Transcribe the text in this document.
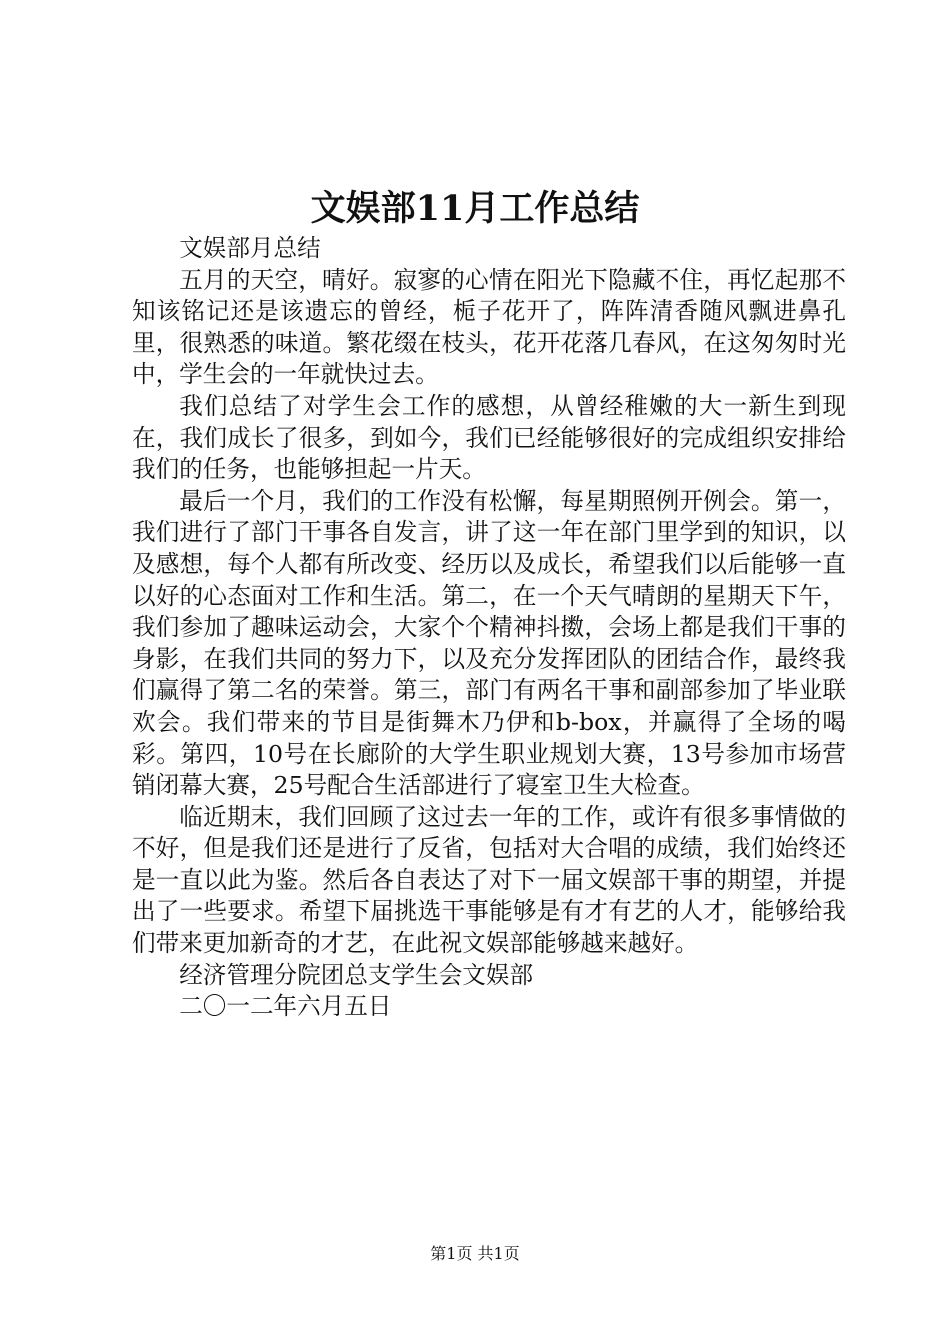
文娱部11月工作总结

文娱部月总结

五月的天空，晴好。寂寥的心情在阳光下隐藏不住，再忆起那不知该铭记还是该遗忘的曾经，栀子花开了，阵阵清香随风飘进鼻孔里，很熟悉的味道。繁花缀在枝头，花开花落几春风，在这匆匆时光中，学生会的一年就快过去。

我们总结了对学生会工作的感想，从曾经稚嫩的大一新生到现在，我们成长了很多，到如今，我们已经能够很好的完成组织安排给我们的任务，也能够担起一片天。

最后一个月，我们的工作没有松懈，每星期照例开例会。第一，我们进行了部门干事各自发言，讲了这一年在部门里学到的知识，以及感想，每个人都有所改变、经历以及成长，希望我们以后能够一直以好的心态面对工作和生活。第二，在一个天气晴朗的星期天下午，我们参加了趣味运动会，大家个个精神抖擞，会场上都是我们干事的身影，在我们共同的努力下，以及充分发挥团队的团结合作，最终我们赢得了第二名的荣誉。第三，部门有两名干事和副部参加了毕业联欢会。我们带来的节目是街舞木乃伊和b-box，并赢得了全场的喝彩。第四，10号在长廊阶的大学生职业规划大赛，13号参加市场营销闭幕大赛，25号配合生活部进行了寝室卫生大检查。

临近期末，我们回顾了这过去一年的工作，或许有很多事情做的不好，但是我们还是进行了反省，包括对大合唱的成绩，我们始终还是一直以此为鉴。然后各自表达了对下一届文娱部干事的期望，并提出了一些要求。希望下届挑选干事能够是有才有艺的人才，能够给我们带来更加新奇的才艺，在此祝文娱部能够越来越好。

经济管理分院团总支学生会文娱部

二〇一二年六月五日

第1页 共1页
